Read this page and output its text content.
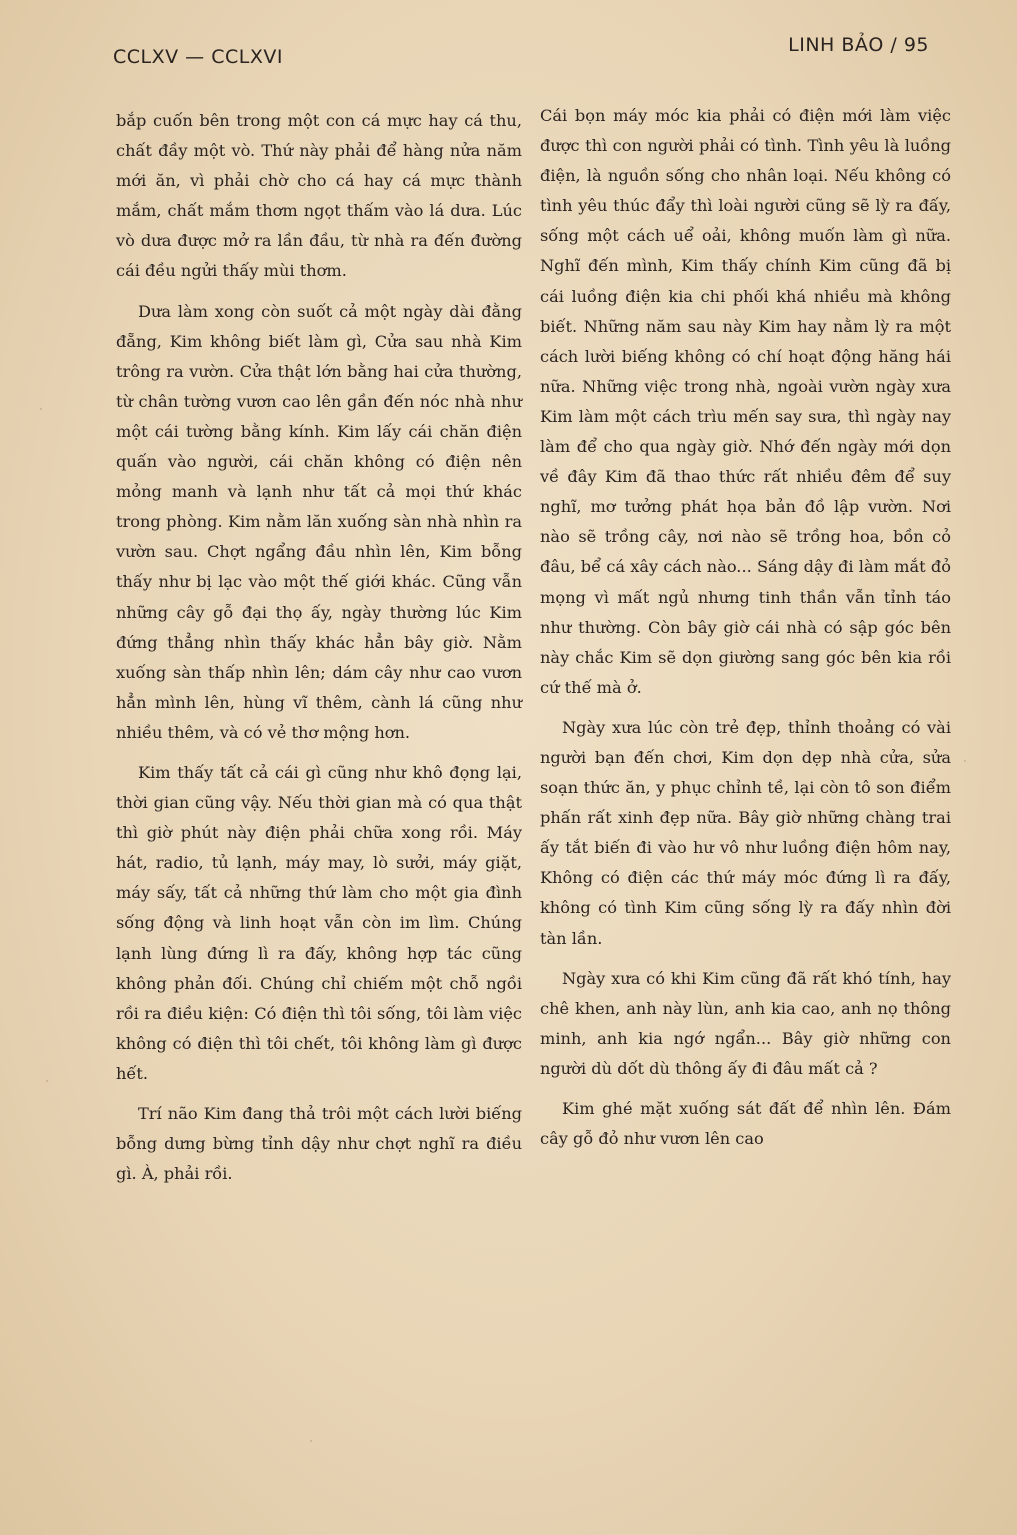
CCLXV — CCLXVI
LINH BẢO / 95

bắp cuốn bên trong một con cá mực hay cá thu, chất đầy một vò. Thứ này phải để hàng nửa năm mới ăn, vì phải chờ cho cá hay cá mực thành mắm, chất mắm thơm ngọt thấm vào lá dưa. Lúc vò dưa được mở ra lần đầu, từ nhà ra đến đường cái đều ngửi thấy mùi thơm.

Dưa làm xong còn suốt cả một ngày dài đằng đẵng, Kim không biết làm gì, Cửa sau nhà Kim trông ra vườn. Cửa thật lớn bằng hai cửa thường, từ chân tường vươn cao lên gần đến nóc nhà như một cái tường bằng kính. Kim lấy cái chăn điện quấn vào người, cái chăn không có điện nên mỏng manh và lạnh như tất cả mọi thứ khác trong phòng. Kim nằm lăn xuống sàn nhà nhìn ra vườn sau. Chợt ngẩng đầu nhìn lên, Kim bỗng thấy như bị lạc vào một thế giới khác. Cũng vẫn những cây gỗ đại thọ ấy, ngày thường lúc Kim đứng thẳng nhìn thấy khác hẳn bây giờ. Nằm xuống sàn thấp nhìn lên; dám cây như cao vươn hẳn mình lên, hùng vĩ thêm, cành lá cũng như nhiều thêm, và có vẻ thơ mộng hơn.

Kim thấy tất cả cái gì cũng như khô đọng lại, thời gian cũng vậy. Nếu thời gian mà có qua thật thì giờ phút này điện phải chữa xong rồi. Máy hát, radio, tủ lạnh, máy may, lò sưởi, máy giặt, máy sấy, tất cả những thứ làm cho một gia đình sống động và linh hoạt vẫn còn im lìm. Chúng lạnh lùng đứng lì ra đấy, không hợp tác cũng không phản đối. Chúng chỉ chiếm một chỗ ngồi rồi ra điều kiện: Có điện thì tôi sống, tôi làm việc không có điện thì tôi chết, tôi không làm gì được hết.

Trí não Kim đang thả trôi một cách lười biếng bỗng dưng bừng tỉnh dậy như chợt nghĩ ra điều gì. À, phải rồi.

Cái bọn máy móc kia phải có điện mới làm việc được thì con người phải có tình. Tình yêu là luồng điện, là nguồn sống cho nhân loại. Nếu không có tình yêu thúc đẩy thì loài người cũng sẽ lỳ ra đấy, sống một cách uể oải, không muốn làm gì nữa. Nghĩ đến mình, Kim thấy chính Kim cũng đã bị cái luồng điện kia chi phối khá nhiều mà không biết. Những năm sau này Kim hay nằm lỳ ra một cách lười biếng không có chí hoạt động hăng hái nữa. Những việc trong nhà, ngoài vườn ngày xưa Kim làm một cách trìu mến say sưa, thì ngày nay làm để cho qua ngày giờ. Nhớ đến ngày mới dọn về đây Kim đã thao thức rất nhiều đêm để suy nghĩ, mơ tưởng phát họa bản đồ lập vườn. Nơi nào sẽ trồng cây, nơi nào sẽ trồng hoa, bồn cỏ đâu, bể cá xây cách nào... Sáng dậy đi làm mắt đỏ mọng vì mất ngủ nhưng tinh thần vẫn tỉnh táo như thường. Còn bây giờ cái nhà có sập góc bên này chắc Kim sẽ dọn giường sang góc bên kia rồi cứ thế mà ở.

Ngày xưa lúc còn trẻ đẹp, thỉnh thoảng có vài người bạn đến chơi, Kim dọn dẹp nhà cửa, sửa soạn thức ăn, y phục chỉnh tề, lại còn tô son điểm phấn rất xinh đẹp nữa. Bây giờ những chàng trai ấy tắt biến đi vào hư vô như luồng điện hôm nay, Không có điện các thứ máy móc đứng lì ra đấy, không có tình Kim cũng sống lỳ ra đấy nhìn đời tàn lần.

Ngày xưa có khi Kim cũng đã rất khó tính, hay chê khen, anh này lùn, anh kia cao, anh nọ thông minh, anh kia ngớ ngẩn... Bây giờ những con người dù dốt dù thông ấy đi đâu mất cả ?

Kim ghé mặt xuống sát đất để nhìn lên. Đám cây gỗ đỏ như vươn lên cao
